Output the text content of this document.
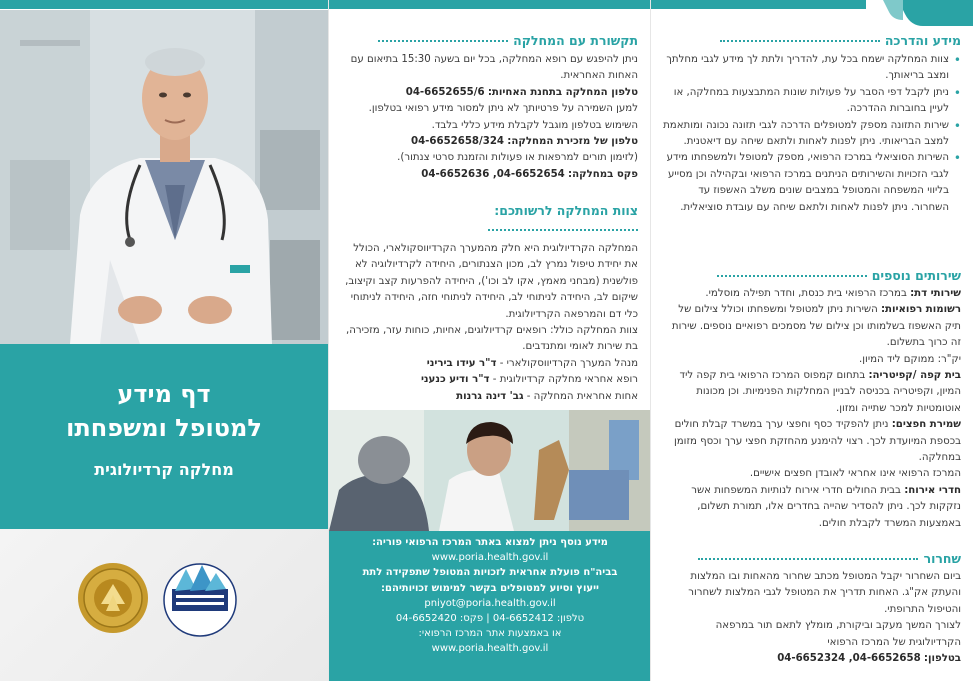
דף מידע
למטופל ומשפחתו
מחלקה קרדיולוגית
תקשורת עם המחלקה
ניתן להיפגש עם רופא המחלקה, בכל יום בשעה 15:30 בתיאום עם האחות האחראית.
טלפון המחלקה בתחנת האחיות: 04-6652655/6
למען השמירה על פרטיותך לא ניתן למסור מידע רפואי בטלפון. השימוש בטלפון מוגבל לקבלת מידע כללי בלבד.
טלפון של מזכירת המחלקה: 04-6652658/324
(לזימון תורים למרפאות או פעולות והזמנת סרטי צנתור).
פקס במחלקה: 04-6652654, 04-6652636
צוות המחלקה לרשותכם:
המחלקה הקרדיולוגית היא חלק מהמערך הקרדיווסקולארי, הכולל את יחידת טיפול נמרץ לב, מכון הצנתורים, היחידה לקרדיולוגיה לא פולשנית (מבחני מאמץ, אקו לב וכו'), היחידה להפרעות קצב וקיצוב, שיקום לב, היחידה לניתוחי לב, היחידה לניתוחי חזה, היחידה לניתוחי כלי דם והמרפאה הקרדיולוגית.
צוות המחלקה כולל: רופאים קרדיולוגים, אחיות, כוחות עזר, מזכירה, בת שירות לאומי ומתנדבים.
מנהל המערך הקרדיווסקולארי - ד"ר עידו ביריני
רופא אחראי מחלקה קרדיולוגית - ד"ר ודיע כנעני
אחות אחראית המחלקה - גב' דינה גרנות
מידע נוסף ניתן למצוא באתר המרכז הרפואי פוריה:
www.poria.health.gov.il
בביה"ח פועלת אחראית לזכויות המטופל שתפקידה לתת
ייעוץ וסיוע למטופלים בקשר למימוש זכויותיהם:
pniyot@poria.health.gov.il
טלפון: 04-6652412 | פקס: 04-6652420
או באמצעות אתר המרכז הרפואי:
www.poria.health.gov.il
מידע והדרכה
• צוות המחלקה ישמח בכל עת, להדריך ולתת לך מידע לגבי מחלתך ומצב בריאותך.
• ניתן לקבל דפי הסבר על פעולות שונות המתבצעות במחלקה, או לעיין בחוברות ההדרכה.
• שירות התזונה מספק למטופלים הדרכה לגבי תזונה נכונה ומותאמת למצב הבריאותי. ניתן לפנות לאחות ולתאם שיחה עם דיאטנית.
• השירות הסוציאלי במרכז הרפואי, מספק למטופל ולמשפחתו מידע לגבי הזכויות והשירותים הניתנים במרכז הרפואי ובקהילה וכן מסייע בליווי המשפחה והמטופל במצבים שונים משלב האשפוז עד השחרור. ניתן לפנות לאחות ולתאם שיחה עם עובדת סוציאלית.
שירותים נוספים
שירותי דת: במרכז הרפואי בית כנסת, וחדר תפילה מוסלמי.
רשומות רפואיות: השירות ניתן למטופל ומשפחתו וכולל צילום של תיק האשפוז בשלמותו וכן צילום של מסמכים רפואיים נוספים. שירות זה כרוך בתשלום.
יק"ר: ממוקם ליד המיון.
בית קפה /קפיטריה: בתחום קמפוס המרכז הרפואי בית קפה ליד המיון, וקפיטריה בכניסה לבניין המחלקות הפנימיות. וכן מכונות אוטומטיות למכר שתייה ומזון.
שמירת חפצים: ניתן להפקיד כסף וחפצי ערך במשרד קבלת חולים בכספת המיועדת לכך. רצוי להימנע מהחזקת חפצי ערך וכסף מזומן במחלקה.
המרכז הרפואי אינו אחראי לאובדן חפצים אישיים.
חדרי אירוח: בבית החולים חדרי אירוח לנותיות המשפחות אשר נזקקות לכך. ניתן להסדיר שהייה בחדרים אלו, תמורת תשלום, באמצעות המשרד לקבלת חולים.
שחרור
ביום השחרור יקבל המטופל מכתב שחרור מהאחות ובו המלצות והעתק אק"ג. האחות תדריך את המטופל לגבי המלצות לשחרור והטיפול התרופתי.
לצורך המשך מעקב וביקורת, מומלץ לתאם תור במרפאה הקרדיולוגית של המרכז הרפואי
בטלפון: 04-6652658, 04-6652324
